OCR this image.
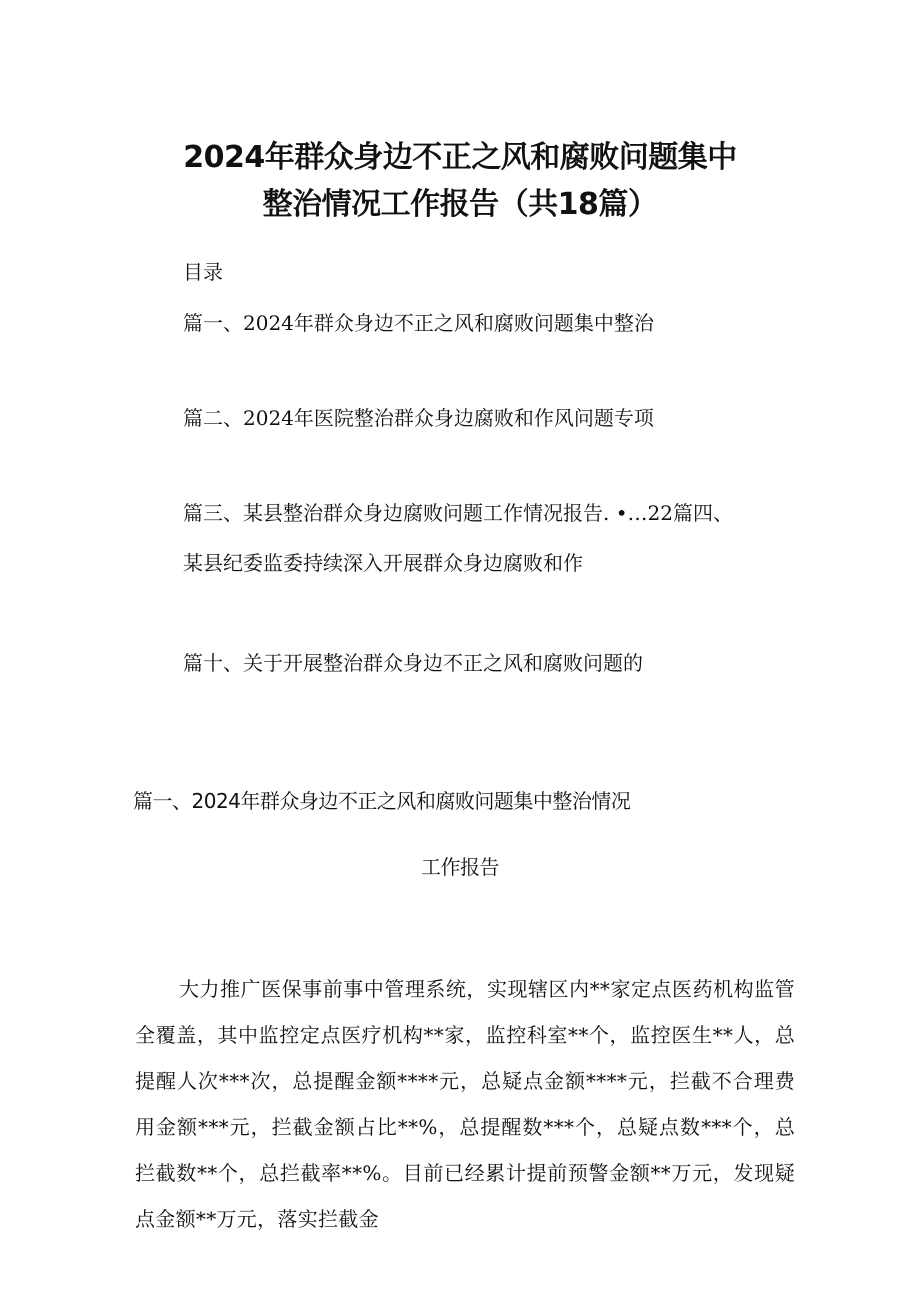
2024年群众身边不正之风和腐败问题集中
整治情况工作报告（共18篇）
目录
篇一、2024年群众身边不正之风和腐败问题集中整治
篇二、2024年医院整治群众身边腐败和作风问题专项
篇三、某县整治群众身边腐败问题工作情况报告. •…22篇四、
某县纪委监委持续深入开展群众身边腐败和作
篇十、关于开展整治群众身边不正之风和腐败问题的
篇一、2024年群众身边不正之风和腐败问题集中整治情况
工作报告

大力推广医保事前事中管理系统，实现辖区内**家定点医药机构监管全覆盖，其中监控定点医疗机构**家，监控科室**个，监控医生**人，总提醒人次***次，总提醒金额****元，总疑点金额****元，拦截不合理费用金额***元，拦截金额占比**%，总提醒数***个，总疑点数***个，总拦截数**个，总拦截率**%。目前已经累计提前预警金额**万元，发现疑点金额**万元，落实拦截金
